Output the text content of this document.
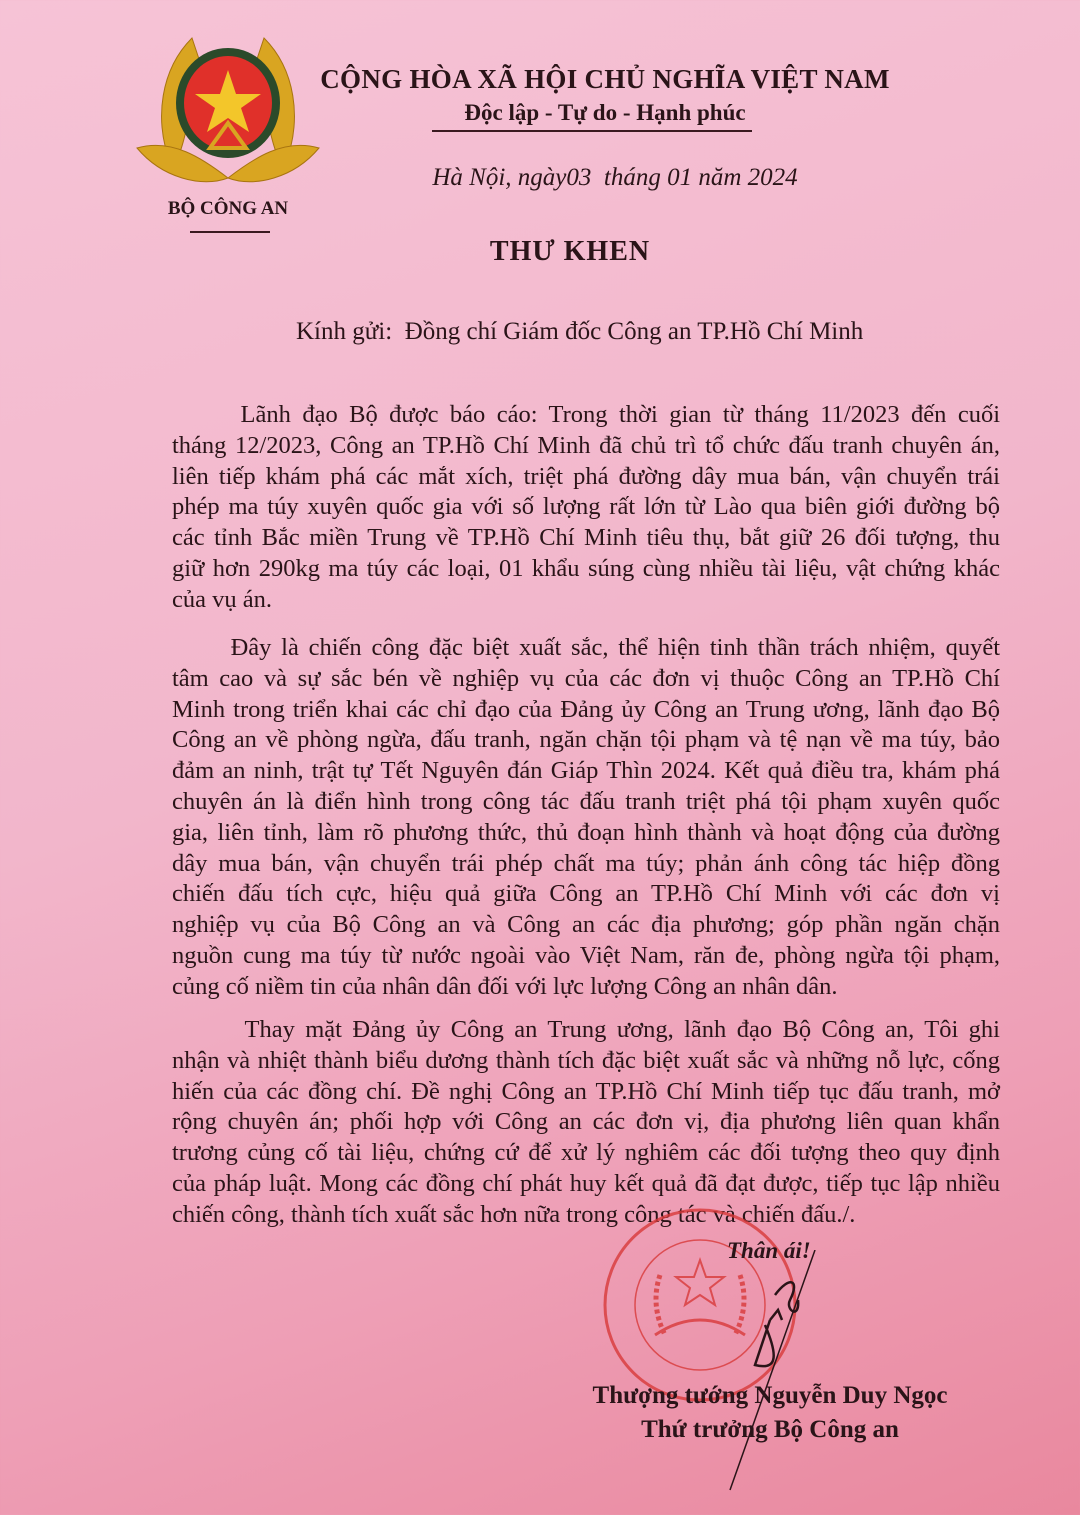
BỘ CÔNG AN
CỘNG HÒA XÃ HỘI CHỦ NGHĨA VIỆT NAM
Độc lập - Tự do - Hạnh phúc
Hà Nội, ngày03  tháng 01 năm 2024
THƯ KHEN
Kính gửi:  Đồng chí Giám đốc Công an TP.Hồ Chí Minh
Lãnh đạo Bộ được báo cáo: Trong thời gian từ tháng 11/2023 đến cuối
tháng 12/2023, Công an TP.Hồ Chí Minh đã chủ trì tổ chức đấu tranh chuyên án,
liên tiếp khám phá các mắt xích, triệt phá đường dây mua bán, vận chuyển trái
phép ma túy xuyên quốc gia với số lượng rất lớn từ Lào qua biên giới đường bộ
các tỉnh Bắc miền Trung về TP.Hồ Chí Minh tiêu thụ, bắt giữ 26 đối tượng, thu
giữ hơn 290kg ma túy các loại, 01 khẩu súng cùng nhiều tài liệu, vật chứng khác
của vụ án.
Đây là chiến công đặc biệt xuất sắc, thể hiện tinh thần trách nhiệm, quyết
tâm cao và sự sắc bén về nghiệp vụ của các đơn vị thuộc Công an TP.Hồ Chí
Minh trong triển khai các chỉ đạo của Đảng ủy Công an Trung ương, lãnh đạo Bộ
Công an về phòng ngừa, đấu tranh, ngăn chặn tội phạm và tệ nạn về ma túy, bảo
đảm an ninh, trật tự Tết Nguyên đán Giáp Thìn 2024. Kết quả điều tra, khám phá
chuyên án là điển hình trong công tác đấu tranh triệt phá tội phạm xuyên quốc
gia, liên tỉnh, làm rõ phương thức, thủ đoạn hình thành và hoạt động của đường
dây mua bán, vận chuyển trái phép chất ma túy; phản ánh công tác hiệp đồng
chiến đấu tích cực, hiệu quả giữa Công an TP.Hồ Chí Minh với các đơn vị
nghiệp vụ của Bộ Công an và Công an các địa phương; góp phần ngăn chặn
nguồn cung ma túy từ nước ngoài vào Việt Nam, răn đe, phòng ngừa tội phạm,
củng cố niềm tin của nhân dân đối với lực lượng Công an nhân dân.
Thay mặt Đảng ủy Công an Trung ương, lãnh đạo Bộ Công an, Tôi ghi
nhận và nhiệt thành biểu dương thành tích đặc biệt xuất sắc và những nỗ lực, cống
hiến của các đồng chí. Đề nghị Công an TP.Hồ Chí Minh tiếp tục đấu tranh, mở
rộng chuyên án; phối hợp với Công an các đơn vị, địa phương liên quan khẩn
trương củng cố tài liệu, chứng cứ để xử lý nghiêm các đối tượng theo quy định
của pháp luật. Mong các đồng chí phát huy kết quả đã đạt được, tiếp tục lập nhiều
chiến công, thành tích xuất sắc hơn nữa trong công tác và chiến đấu./.
Thân ái!
Thượng tướng Nguyễn Duy Ngọc
Thứ trưởng Bộ Công an
